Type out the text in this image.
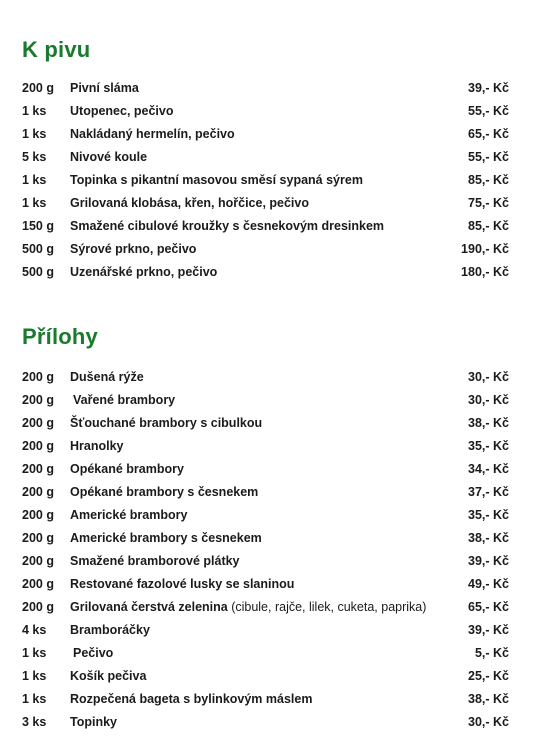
K pivu
200 g Pivní sláma	39,- Kč
1 ks Utopenec, pečivo	55,- Kč
1 ks Nakládaný hermelín, pečivo	65,- Kč
5 ks Nivové koule	55,- Kč
1 ks Topinka s pikantní masovou směsí sypaná sýrem	85,- Kč
1 ks Grilovaná klobása, křen, hořčice, pečivo	75,- Kč
150 g Smažené cibulové kroužky s česnekovým dresinkem	85,- Kč
500 g Sýrové prkno, pečivo	190,- Kč
500 g Uzenářské prkno, pečivo	180,- Kč
Přílohy
200 g Dušená rýže	30,- Kč
200 g Vařené brambory	30,- Kč
200 g Šťouchané brambory s cibulkou	38,- Kč
200 g Hranolky	35,- Kč
200 g Opékané brambory	34,- Kč
200 g Opékané brambory s česnekem	37,- Kč
200 g Americké brambory	35,- Kč
200 g Americké brambory s česnekem	38,- Kč
200 g Smažené bramborové plátky	39,- Kč
200 g Restované fazolové lusky se slaninou	49,- Kč
200 g Grilovaná čerstvá zelenina (cibule, rajče, lilek, cuketa, paprika)	65,- Kč
4 ks Bramboráčky	39,- Kč
1 ks Pečivo	5,- Kč
1 ks Košík pečiva	25,- Kč
1 ks Rozpečená bageta s bylinkovým máslem	38,- Kč
3 ks Topinky	30,- Kč
